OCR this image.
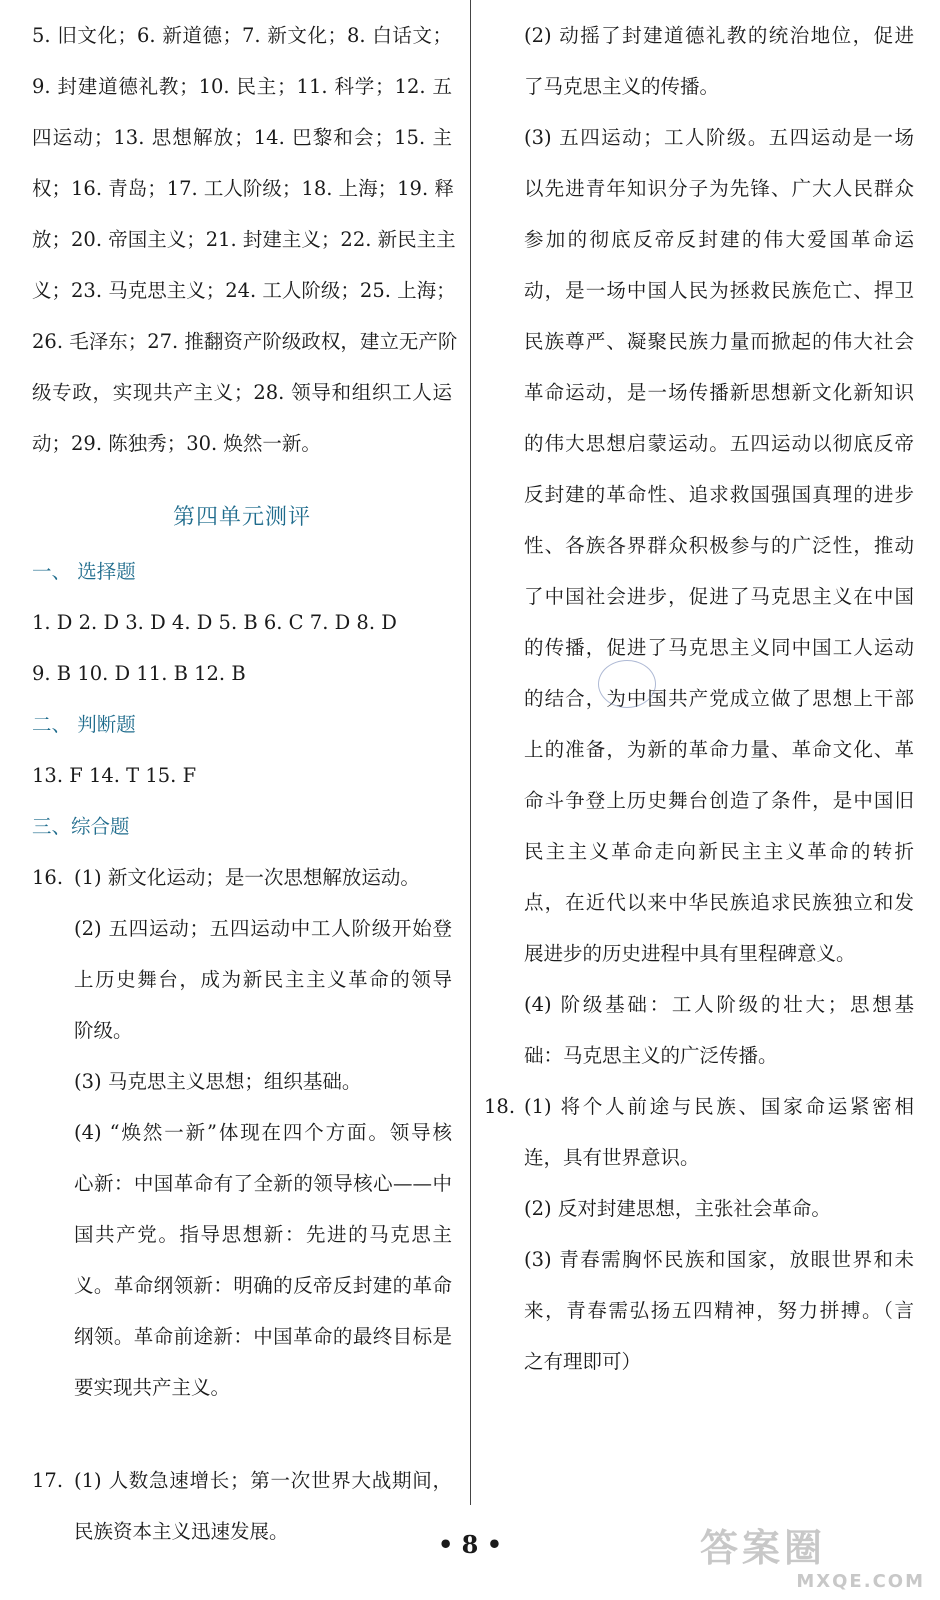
5. 旧文化；6. 新道德；7. 新文化；8. 白话文；
9. 封建道德礼教；10. 民主；11. 科学；12. 五
四运动；13. 思想解放；14. 巴黎和会；15. 主
权；16. 青岛；17. 工人阶级；18. 上海；19. 释
放；20. 帝国主义；21. 封建主义；22. 新民主主
义；23. 马克思主义；24. 工人阶级；25. 上海；
26. 毛泽东；27. 推翻资产阶级政权，建立无产阶
级专政，实现共产主义；28. 领导和组织工人运
动；29. 陈独秀；30. 焕然一新。
第四单元测评
一、 选择题
1. D 2. D 3. D 4. D 5. B 6. C 7. D 8. D
9. B 10. D 11. B 12. B
二、 判断题
13. F 14. T 15. F
三、综合题
16. (1) 新文化运动；是一次思想解放运动。
(2) 五四运动；五四运动中工人阶级开始登
上历史舞台，成为新民主主义革命的领导
阶级。
(3) 马克思主义思想；组织基础。
(4) “焕然一新”体现在四个方面。领导核
心新：中国革命有了全新的领导核心——中
国共产党。指导思想新：先进的马克思主
义。革命纲领新：明确的反帝反封建的革命
纲领。革命前途新：中国革命的最终目标是
要实现共产主义。
17. (1) 人数急速增长；第一次世界大战期间，
民族资本主义迅速发展。
(2) 动摇了封建道德礼教的统治地位，促进
了马克思主义的传播。
(3) 五四运动；工人阶级。五四运动是一场
以先进青年知识分子为先锋、广大人民群众
参加的彻底反帝反封建的伟大爱国革命运
动，是一场中国人民为拯救民族危亡、捍卫
民族尊严、凝聚民族力量而掀起的伟大社会
革命运动，是一场传播新思想新文化新知识
的伟大思想启蒙运动。五四运动以彻底反帝
反封建的革命性、追求救国强国真理的进步
性、各族各界群众积极参与的广泛性，推动
了中国社会进步，促进了马克思主义在中国
的传播，促进了马克思主义同中国工人运动
的结合，为中国共产党成立做了思想上干部
上的准备，为新的革命力量、革命文化、革
命斗争登上历史舞台创造了条件，是中国旧
民主主义革命走向新民主主义革命的转折
点，在近代以来中华民族追求民族独立和发
展进步的历史进程中具有里程碑意义。
(4) 阶级基础：工人阶级的壮大；思想基
础：马克思主义的广泛传播。
18. (1) 将个人前途与民族、国家命运紧密相
连，具有世界意识。
(2) 反对封建思想，主张社会革命。
(3) 青春需胸怀民族和国家，放眼世界和未
来，青春需弘扬五四精神，努力拼搏。（言
之有理即可）
• 8 •	答案圈
MXQE.COM
